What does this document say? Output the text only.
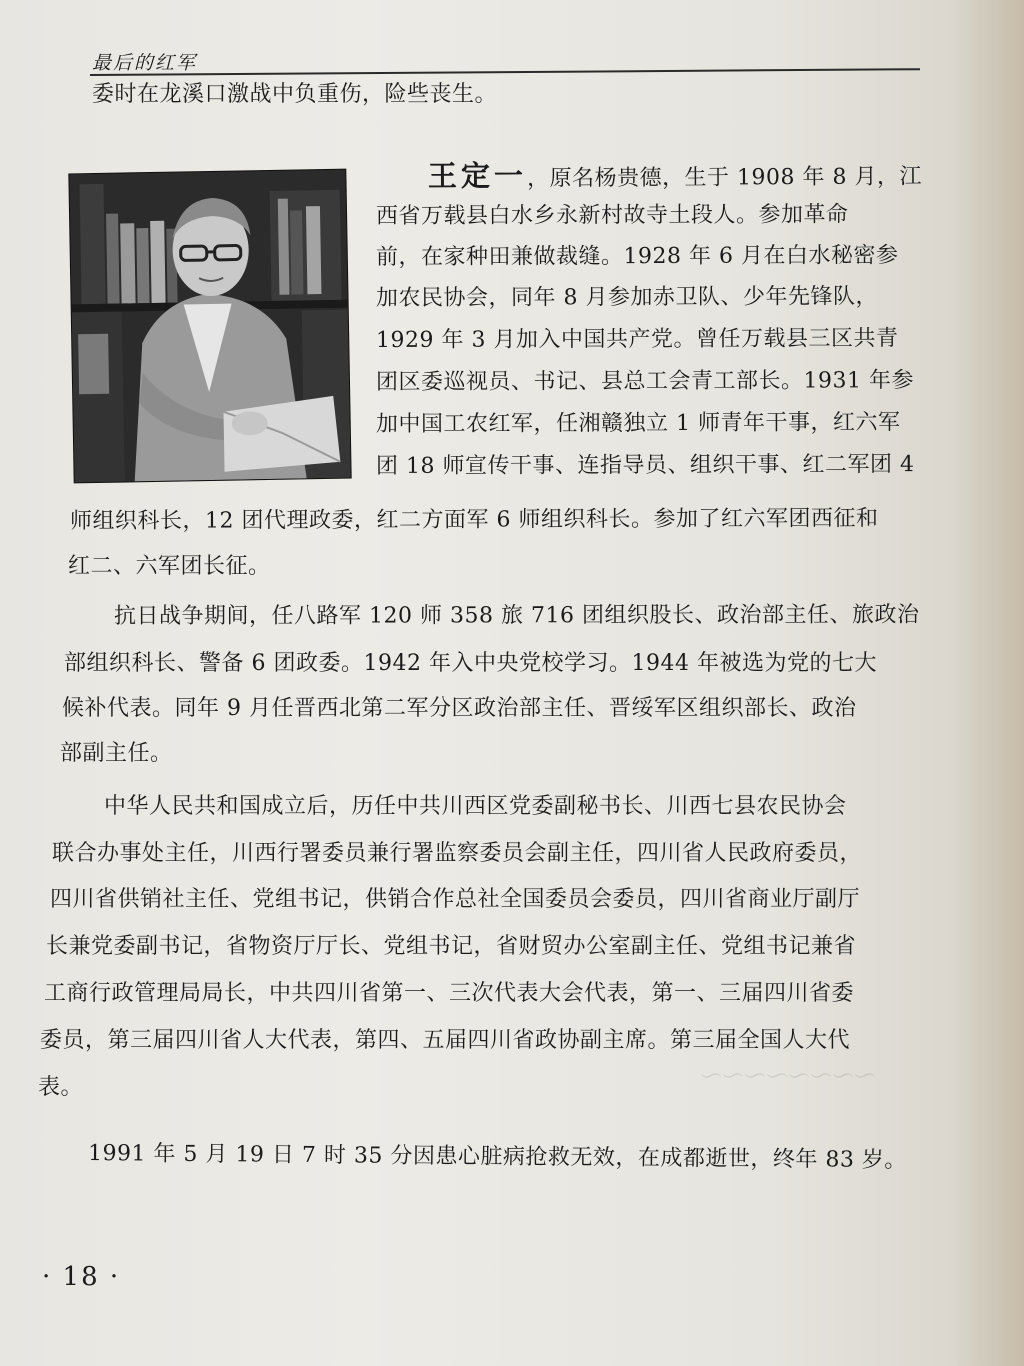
～～～～～～～～
最后的红军
委时在龙溪口激战中负重伤，险些丧生。
王定一，原名杨贵德，生于 1908 年 8 月，江
西省万载县白水乡永新村故寺土段人。参加革命
前，在家种田兼做裁缝。1928 年 6 月在白水秘密参
加农民协会，同年 8 月参加赤卫队、少年先锋队，
1929 年 3 月加入中国共产党。曾任万载县三区共青
团区委巡视员、书记、县总工会青工部长。1931 年参
加中国工农红军，任湘赣独立 1 师青年干事，红六军
团 18 师宣传干事、连指导员、组织干事、红二军团 4
师组织科长，12 团代理政委，红二方面军 6 师组织科长。参加了红六军团西征和
红二、六军团长征。
抗日战争期间，任八路军 120 师 358 旅 716 团组织股长、政治部主任、旅政治
部组织科长、警备 6 团政委。1942 年入中央党校学习。1944 年被选为党的七大
候补代表。同年 9 月任晋西北第二军分区政治部主任、晋绥军区组织部长、政治
部副主任。
中华人民共和国成立后，历任中共川西区党委副秘书长、川西七县农民协会
联合办事处主任，川西行署委员兼行署监察委员会副主任，四川省人民政府委员，
四川省供销社主任、党组书记，供销合作总社全国委员会委员，四川省商业厅副厅
长兼党委副书记，省物资厅厅长、党组书记，省财贸办公室副主任、党组书记兼省
工商行政管理局局长，中共四川省第一、三次代表大会代表，第一、三届四川省委
委员，第三届四川省人大代表，第四、五届四川省政协副主席。第三届全国人大代
表。
1991 年 5 月 19 日 7 时 35 分因患心脏病抢救无效，在成都逝世，终年 83 岁。
· 18 ·
